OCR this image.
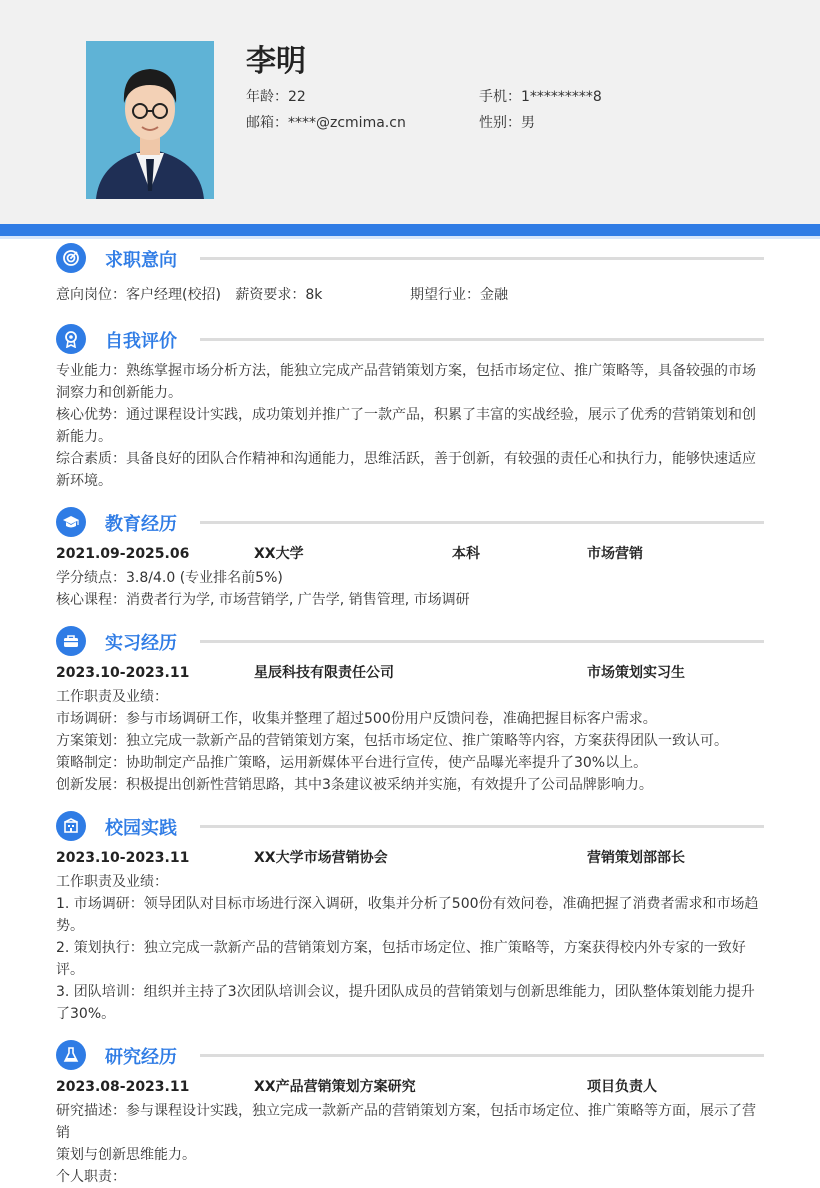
李明
年龄：22	手机：1*********8
邮箱：****@zcmima.cn	性别：男
求职意向
意向岗位：客户经理(校招) 薪资要求：8k	期望行业：金融
自我评价
专业能力：熟练掌握市场分析方法，能独立完成产品营销策划方案，包括市场定位、推广策略等，具备较强的市场
洞察力和创新能力。
核心优势：通过课程设计实践，成功策划并推广了一款产品，积累了丰富的实战经验，展示了优秀的营销策划和创
新能力。
综合素质：具备良好的团队合作精神和沟通能力，思维活跃，善于创新，有较强的责任心和执行力，能够快速适应
新环境。
教育经历
2021.09-2025.06	XX大学	本科	市场营销
学分绩点：3.8/4.0 (专业排名前5%)
核心课程：消费者行为学, 市场营销学, 广告学, 销售管理, 市场调研
实习经历
2023.10-2023.11	星辰科技有限责任公司	市场策划实习生
工作职责及业绩：
市场调研：参与市场调研工作，收集并整理了超过500份用户反馈问卷，准确把握目标客户需求。
方案策划：独立完成一款新产品的营销策划方案，包括市场定位、推广策略等内容，方案获得团队一致认可。
策略制定：协助制定产品推广策略，运用新媒体平台进行宣传，使产品曝光率提升了30%以上。
创新发展：积极提出创新性营销思路，其中3条建议被采纳并实施，有效提升了公司品牌影响力。
校园实践
2023.10-2023.11	XX大学市场营销协会	营销策划部部长
工作职责及业绩：
1. 市场调研：领导团队对目标市场进行深入调研，收集并分析了500份有效问卷，准确把握了消费者需求和市场趋
势。
2. 策划执行：独立完成一款新产品的营销策划方案，包括市场定位、推广策略等，方案获得校内外专家的一致好
评。
3. 团队培训：组织并主持了3次团队培训会议，提升团队成员的营销策划与创新思维能力，团队整体策划能力提升
了30%。
研究经历
2023.08-2023.11	XX产品营销策划方案研究	项目负责人
研究描述：参与课程设计实践，独立完成一款新产品的营销策划方案，包括市场定位、推广策略等方面，展示了营销
策划与创新思维能力。
个人职责：
